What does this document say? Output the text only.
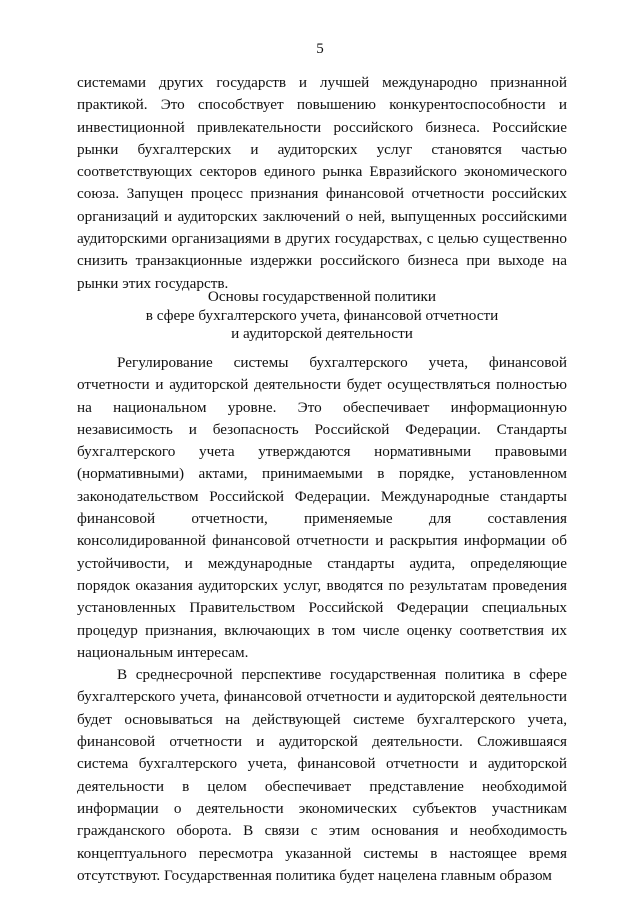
5

системами других государств и лучшей международно признанной практикой. Это способствует повышению конкурентоспособности и инвестиционной привлекательности российского бизнеса. Российские рынки бухгалтерских и аудиторских услуг становятся частью соответствующих секторов единого рынка Евразийского экономического союза. Запущен процесс признания финансовой отчетности российских организаций и аудиторских заключений о ней, выпущенных российскими аудиторскими организациями в других государствах, с целью существенно снизить транзакционные издержки российского бизнеса при выходе на рынки этих государств.

Основы государственной политики
в сфере бухгалтерского учета, финансовой отчетности
и аудиторской деятельности

Регулирование системы бухгалтерского учета, финансовой отчетности и аудиторской деятельности будет осуществляться полностью на национальном уровне. Это обеспечивает информационную независимость и безопасность Российской Федерации. Стандарты бухгалтерского учета утверждаются нормативными правовыми (нормативными) актами, принимаемыми в порядке, установленном законодательством Российской Федерации. Международные стандарты финансовой отчетности, применяемые для составления консолидированной финансовой отчетности и раскрытия информации об устойчивости, и международные стандарты аудита, определяющие порядок оказания аудиторских услуг, вводятся по результатам проведения установленных Правительством Российской Федерации специальных процедур признания, включающих в том числе оценку соответствия их национальным интересам.

В среднесрочной перспективе государственная политика в сфере бухгалтерского учета, финансовой отчетности и аудиторской деятельности будет основываться на действующей системе бухгалтерского учета, финансовой отчетности и аудиторской деятельности. Сложившаяся система бухгалтерского учета, финансовой отчетности и аудиторской деятельности в целом обеспечивает представление необходимой информации о деятельности экономических субъектов участникам гражданского оборота. В связи с этим основания и необходимость концептуального пересмотра указанной системы в настоящее время отсутствуют. Государственная политика будет нацелена главным образом
